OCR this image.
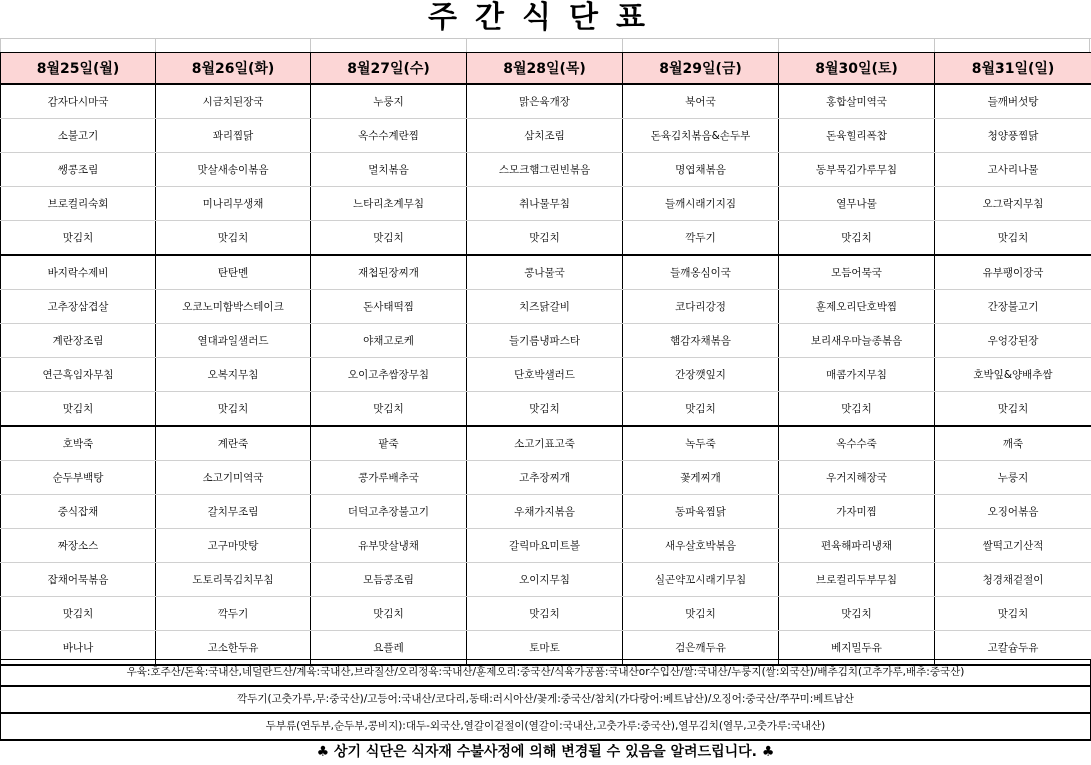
주간식단표
8월25일(월)	8월26일(화)	8월27일(수)	8월28일(목)	8월29일(금)	8월30일(토)	8월31일(일)
감자다시마국	시금치된장국	누룽지	맑은육개장	북어국	홍합살미역국	들깨버섯탕
소불고기	꽈리찜닭	옥수수계란찜	삼치조림	돈육김치볶음&손두부	돈육힐리폭찹	청양풍찜닭
쌩콩조림	맛살새송이볶음	멸치볶음	스모크햄그린빈볶음	명엽채볶음	동부묵김가루무침	고사리나물
브로컬리숙회	미나리무생채	느타리초계무침	취나물무침	들깨시래기지짐	열무나물	오그락지무침
맛김치	맛김치	맛김치	맛김치	깍두기	맛김치	맛김치
바지락수제비	탄탄멘	재첩된장찌개	콩나물국	들깨옹심이국	모듬어묵국	유부팽이장국
고추장삼겹살	오코노미함박스테이크	돈사태떡찜	치즈닭갈비	코다리강정	훈제오리단호박찜	간장불고기
계란장조림	열대과일샐러드	야채고로케	들기름냉파스타	햄감자채볶음	보리새우마늘종볶음	우엉강된장
연근흑임자무침	오복지무침	오이고추쌈장무침	단호박샐러드	간장깻잎지	매콤가지무침	호박잎&양배추쌈
맛김치	맛김치	맛김치	맛김치	맛김치	맛김치	맛김치
호박죽	계란죽	팥죽	소고기표고죽	녹두죽	옥수수죽	깨죽
순두부백탕	소고기미역국	콩가루배추국	고추장찌개	꽃게찌개	우거지해장국	누룽지
중식잡채	갈치무조림	더덕고추장불고기	우채가지볶음	동파육찜닭	가자미찜	오징어볶음
짜장소스	고구마맛탕	유부맛살냉채	갈릭마요미트볼	새우살호박볶음	편육해파리냉채	쌀떡고기산적
잡채어묵볶음	도토리묵김치무침	모듬콩조림	오이지무침	실곤약꼬시래기무침	브로컬리두부무침	청경채겉절이
맛김치	깍두기	맛김치	맛김치	맛김치	맛김치	맛김치
바나나	고소한두유	요플레	토마토	검은깨두유	베지밀두유	고칼슘두유
우육:호주산/돈육:국내산,네덜란드산/계육:국내산,브라질산/오리정육:국내산/훈제오리:중국산/식육가공품:국내산or수입산/쌀:국내산/누룽지(쌀:외국산)/배추김치(고추가루,배추:중국산)
깍두기(고춧가루,무:중국산)/고등어:국내산/코다리,동태:러시아산/꽃게:중국산/참치(가다랑어:베트남산)/오징어:중국산/쭈꾸미:베트남산
두부류(연두부,순두부,콩비지):대두-외국산,열갈이겉절이(열갈이:국내산,고춧가루:중국산),열무김치(열무,고춧가루:국내산)
♣ 상기 식단은 식자재 수불사정에 의해 변경될 수 있음을 알려드립니다. ♣
